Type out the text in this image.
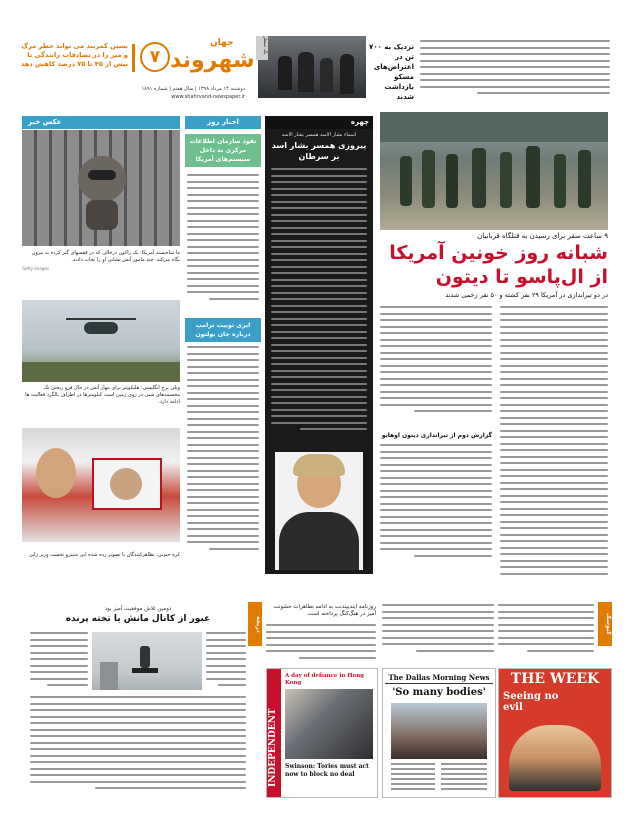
بستن کمربند می تواند خطر مرگ و میر را در تصادفات رانندگی تا بیش از ۴۵ تا ۷۵ درصد کاهش دهد	۷
جهان
شهروند
دوشنبه ۱۴ مرداد ۱۳۹۸ | سال هفتم | شماره ۱۸۹۱
www.shahrvand-newspaper.ir
یک سطر	نزدیک به ۷۰۰ تن در اعتراض‌های مسکو بازداشت شدند
۹ ساعت سفر برای رسیدن به قتلگاه قربانیان
شبانه روز خونین آمریکا
از ال‌پاسو تا دیتون
در دو تیراندازی در آمریکا ۲۹ نفر کشته و ۵۰ نفر زخمی شدند
گزارش دوم از تیراندازی دیتون اوهایو
چهره
اسماء بشار الاسد همسر بشار الاسد
پیروزی همسر بشار اسد بر سرطان
اخبار روز
نفوذ سازمان اطلاعات مرکزی به داخل سیستم‌های آمریکا
ابری توییت ترامپ درباره جان بولتون
عکس خبر
ما شاه‌پسند آمریکا: یک راکون درحالی که در قفسهای گیر کرده به بیرون نگاه می‌کند. چند مامور آتش نشانی او را نجات دادند.
Getty Images
ویلی برج انگلیسی: هلیکوپتر برای مهار آتش در حال فرو ریختن یک مجسمه‌های شنی در روی زمین است کیلومترها در اطراف بالگرد فعالیت ها ادامه دارد.
کره جنوبی: تظاهرکنندگان با تصویر زده شده ابی شینزو نخست وزیر ژاپن
دریچه
دومین تلاش موفقیت آمیز بود
عبور از کانال مانش با تخته پرنده
روزنامه ایندیپندنت به ادامه تظاهرات خشونت آمیز در هنگ‌کنگ پرداخته است.
INDEPENDENT
A day of defiance in Hong Kong
Swinson: Tories must act now to block no deal
The Dallas Morning News
'So many bodies'
کیوسک
THE WEEK
Seeing no evil
